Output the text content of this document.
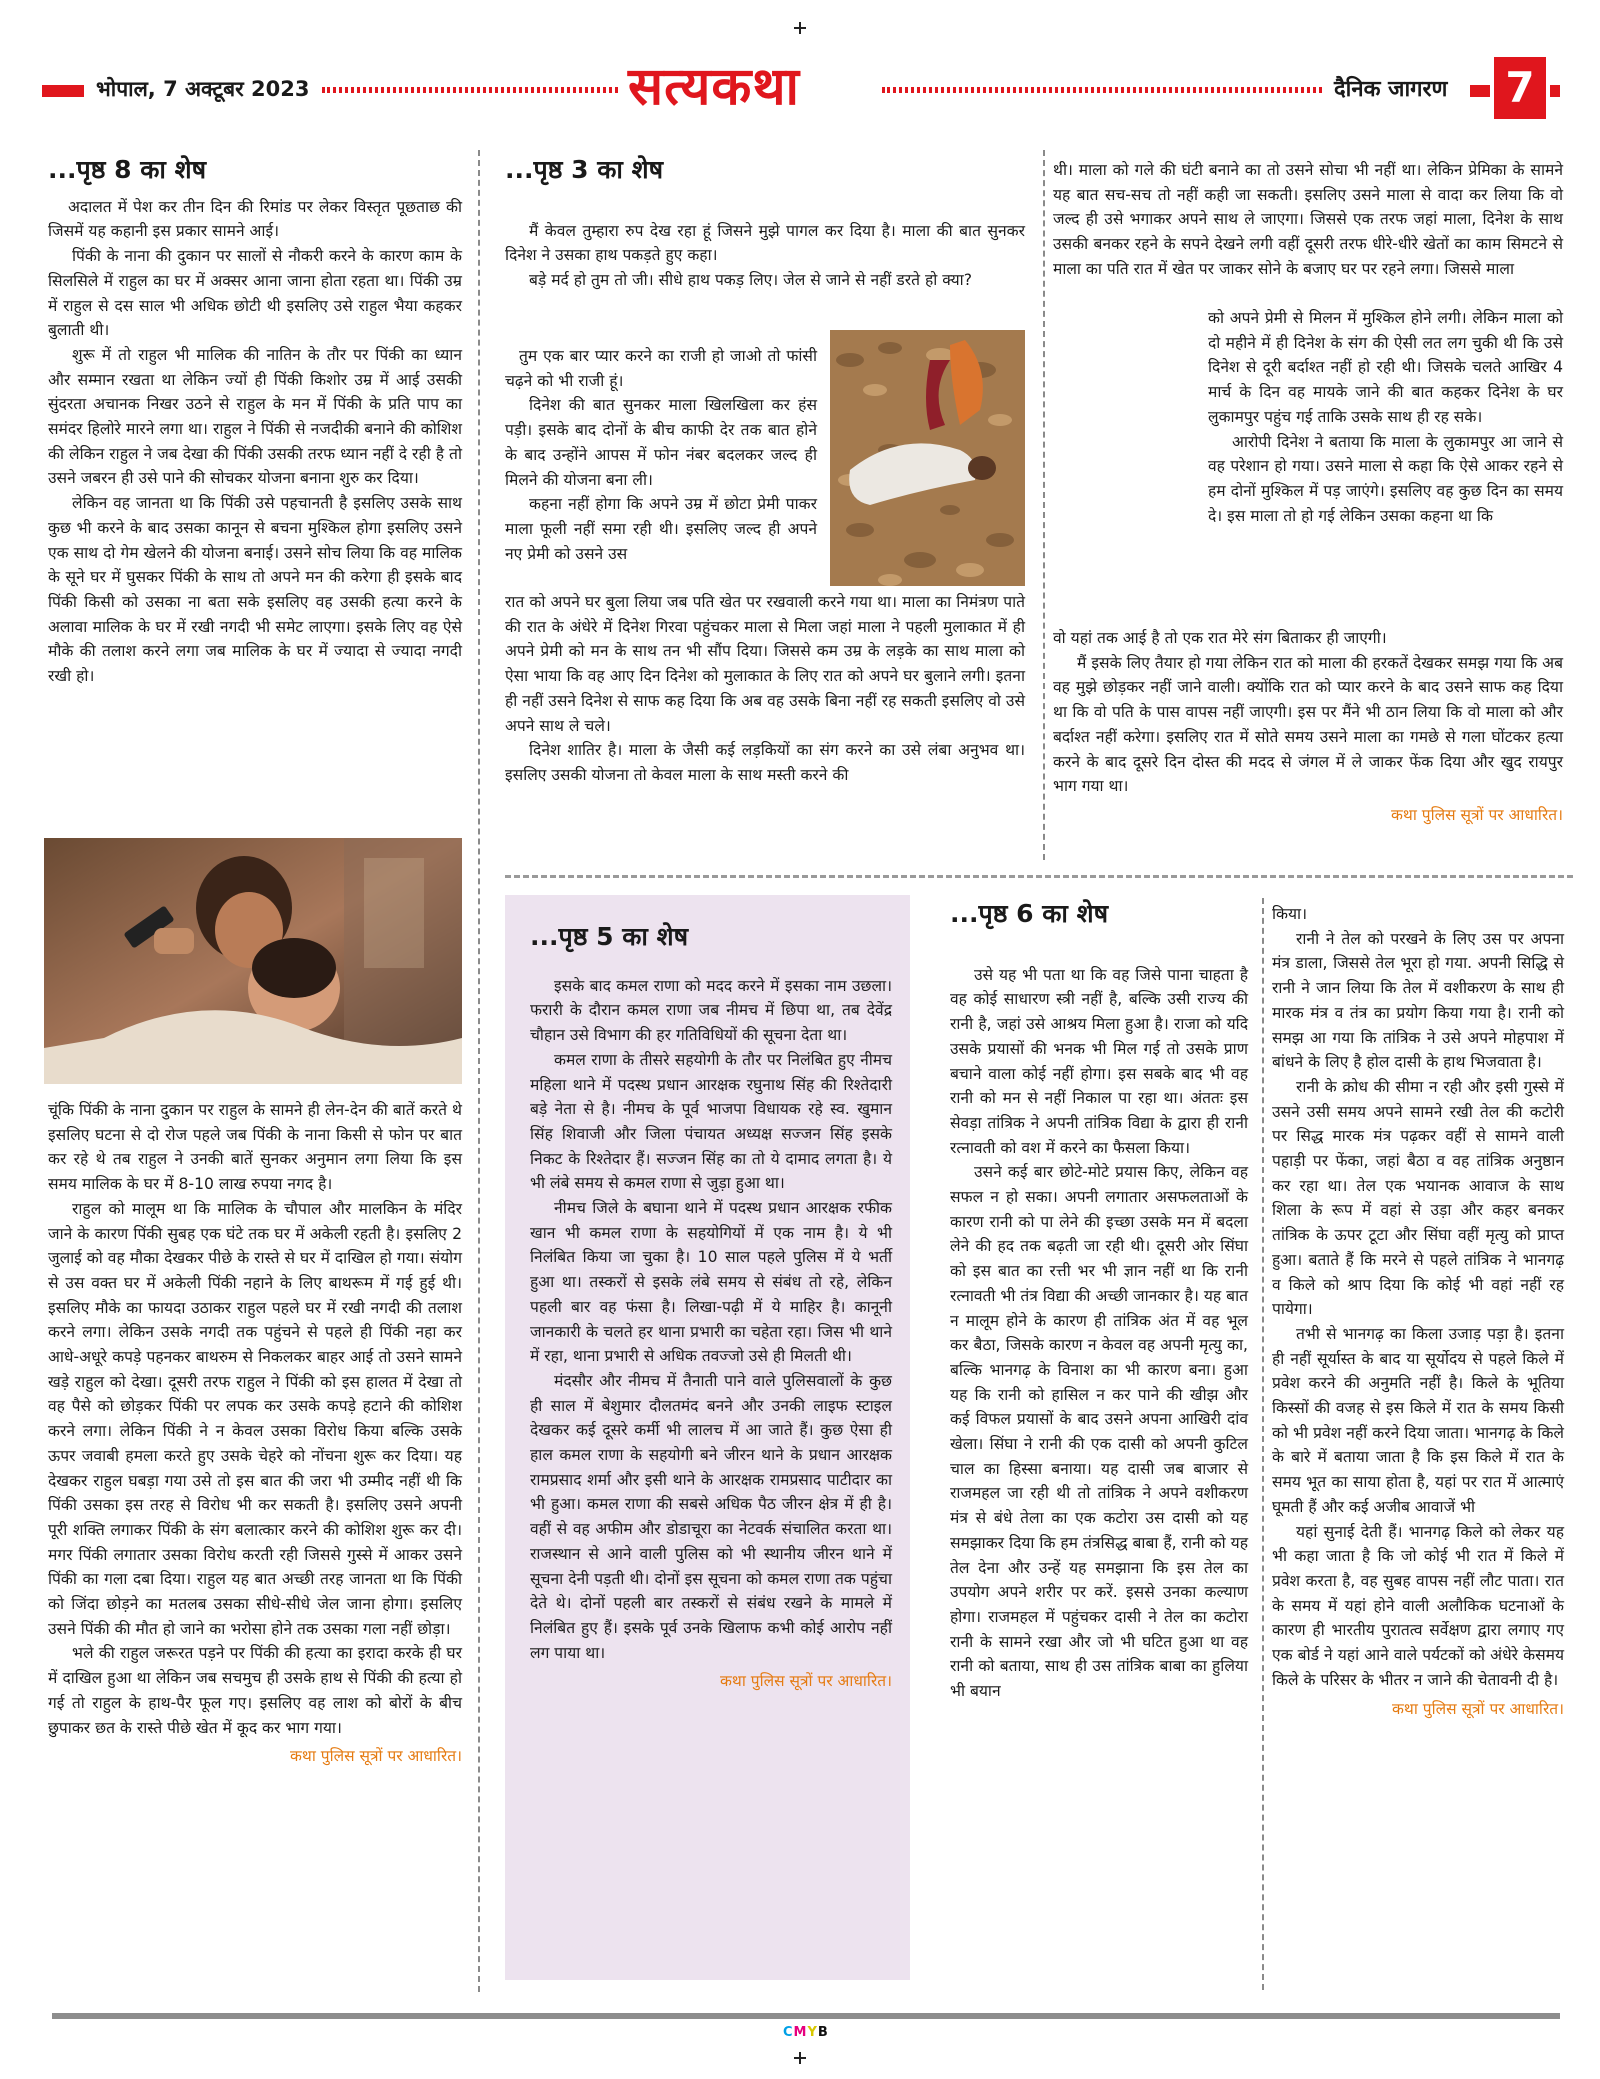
भोपाल, 7 अक्टूबर 2023	सत्यकथा	दैनिक जागरण 7
...पृष्ठ 8 का शेष

अदालत में पेश कर तीन दिन की रिमांड पर लेकर विस्तृत पूछताछ की जिसमें यह कहानी इस प्रकार सामने आई।

पिंकी के नाना की दुकान पर सालों से नौकरी करने के कारण काम के सिलसिले में राहुल का घर में अक्सर आना जाना होता रहता था। पिंकी उम्र में राहुल से दस साल भी अधिक छोटी थी इसलिए उसे राहुल भैया कहकर बुलाती थी।

शुरू में तो राहुल भी मालिक की नातिन के तौर पर पिंकी का ध्यान और सम्मान रखता था लेकिन ज्यों ही पिंकी किशोर उम्र में आई उसकी सुंदरता अचानक निखर उठने से राहुल के मन में पिंकी के प्रति पाप का समंदर हिलोरे मारने लगा था। राहुल ने पिंकी से नजदीकी बनाने की कोशिश की लेकिन राहुल ने जब देखा की पिंकी उसकी तरफ ध्यान नहीं दे रही है तो उसने जबरन ही उसे पाने की सोचकर योजना बनाना शुरु कर दिया।

लेकिन वह जानता था कि पिंकी उसे पहचानती है इसलिए उसके साथ कुछ भी करने के बाद उसका कानून से बचना मुश्किल होगा इसलिए उसने एक साथ दो गेम खेलने की योजना बनाई। उसने सोच लिया कि वह मालिक के सूने घर में घुसकर पिंकी के साथ तो अपने मन की करेगा ही इसके बाद पिंकी किसी को उसका ना बता सके इसलिए वह उसकी हत्या करने के अलावा मालिक के घर में रखी नगदी भी समेट लाएगा। इसके लिए वह ऐसे मौके की तलाश करने लगा जब मालिक के घर में ज्यादा से ज्यादा नगदी रखी हो।

चूंकि पिंकी के नाना दुकान पर राहुल के सामने ही लेन-देन की बातें करते थे इसलिए घटना से दो रोज पहले जब पिंकी के नाना किसी से फोन पर बात कर रहे थे तब राहुल ने उनकी बातें सुनकर अनुमान लगा लिया कि इस समय मालिक के घर में 8-10 लाख रुपया नगद है।

राहुल को मालूम था कि मालिक के चौपाल और मालकिन के मंदिर जाने के कारण पिंकी सुबह एक घंटे तक घर में अकेली रहती है। इसलिए 2 जुलाई को वह मौका देखकर पीछे के रास्ते से घर में दाखिल हो गया। संयोग से उस वक्त घर में अकेली पिंकी नहाने के लिए बाथरूम में गई हुई थी। इसलिए मौके का फायदा उठाकर राहुल पहले घर में रखी नगदी की तलाश करने लगा। लेकिन उसके नगदी तक पहुंचने से पहले ही पिंकी नहा कर आधे-अधूरे कपड़े पहनकर बाथरुम से निकलकर बाहर आई तो उसने सामने खड़े राहुल को देखा। दूसरी तरफ राहुल ने पिंकी को इस हालत में देखा तो वह पैसे को छोड़कर पिंकी पर लपक कर उसके कपड़े हटाने की कोशिश करने लगा। लेकिन पिंकी ने न केवल उसका विरोध किया बल्कि उसके ऊपर जवाबी हमला करते हुए उसके चेहरे को नोंचना शुरू कर दिया। यह देखकर राहुल घबड़ा गया उसे तो इस बात की जरा भी उम्मीद नहीं थी कि पिंकी उसका इस तरह से विरोध भी कर सकती है। इसलिए उसने अपनी पूरी शक्ति लगाकर पिंकी के संग बलात्कार करने की कोशिश शुरू कर दी। मगर पिंकी लगातार उसका विरोध करती रही जिससे गुस्से में आकर उसने पिंकी का गला दबा दिया। राहुल यह बात अच्छी तरह जानता था कि पिंकी को जिंदा छोड़ने का मतलब उसका सीधे-सीधे जेल जाना होगा। इसलिए उसने पिंकी की मौत हो जाने का भरोसा होने तक उसका गला नहीं छोड़ा।

भले की राहुल जरूरत पड़ने पर पिंकी की हत्या का इरादा करके ही घर में दाखिल हुआ था लेकिन जब सचमुच ही उसके हाथ से पिंकी की हत्या हो गई तो राहुल के हाथ-पैर फूल गए। इसलिए वह लाश को बोरों के बीच छुपाकर छत के रास्ते पीछे खेत में कूद कर भाग गया।

कथा पुलिस सूत्रों पर आधारित।

...पृष्ठ 3 का शेष

मैं केवल तुम्हारा रुप देख रहा हूं जिसने मुझे पागल कर दिया है। माला की बात सुनकर दिनेश ने उसका हाथ पकड़ते हुए कहा।

बड़े मर्द हो तुम तो जी। सीधे हाथ पकड़ लिए। जेल से जाने से नहीं डरते हो क्या?

तुम एक बार प्यार करने का राजी हो जाओ तो फांसी चढ़ने को भी राजी हूं।

दिनेश की बात सुनकर माला खिलखिला कर हंस पड़ी। इसके बाद दोनों के बीच काफी देर तक बात होने के बाद उन्होंने आपस में फोन नंबर बदलकर जल्द ही मिलने की योजना बना ली।

कहना नहीं होगा कि अपने उम्र में छोटा प्रेमी पाकर माला फूली नहीं समा रही थी। इसलिए जल्द ही अपने नए प्रेमी को उसने उस

रात को अपने घर बुला लिया जब पति खेत पर रखवाली करने गया था। माला का निमंत्रण पाते की रात के अंधेरे में दिनेश गिरवा पहुंचकर माला से मिला जहां माला ने पहली मुलाकात में ही अपने प्रेमी को मन के साथ तन भी सौंप दिया। जिससे कम उम्र के लड़के का साथ माला को ऐसा भाया कि वह आए दिन दिनेश को मुलाकात के लिए रात को अपने घर बुलाने लगी। इतना ही नहीं उसने दिनेश से साफ कह दिया कि अब वह उसके बिना नहीं रह सकती इसलिए वो उसे अपने साथ ले चले।

दिनेश शातिर है। माला के जैसी कई लड़कियों का संग करने का उसे लंबा अनुभव था। इसलिए उसकी योजना तो केवल माला के साथ मस्ती करने की

थी। माला को गले की घंटी बनाने का तो उसने सोचा भी नहीं था। लेकिन प्रेमिका के सामने यह बात सच-सच तो नहीं कही जा सकती। इसलिए उसने माला से वादा कर लिया कि वो जल्द ही उसे भगाकर अपने साथ ले जाएगा। जिससे एक तरफ जहां माला, दिनेश के साथ उसकी बनकर रहने के सपने देखने लगी वहीं दूसरी तरफ धीरे-धीरे खेतों का काम सिमटने से माला का पति रात में खेत पर जाकर सोने के बजाए घर पर रहने लगा। जिससे माला

को अपने प्रेमी से मिलन में मुश्किल होने लगी। लेकिन माला को दो महीने में ही दिनेश के संग की ऐसी लत लग चुकी थी कि उसे दिनेश से दूरी बर्दाश्त नहीं हो रही थी। जिसके चलते आखिर 4 मार्च के दिन वह मायके जाने की बात कहकर दिनेश के घर लुकामपुर पहुंच गई ताकि उसके साथ ही रह सके।

आरोपी दिनेश ने बताया कि माला के लुकामपुर आ जाने से वह परेशान हो गया। उसने माला से कहा कि ऐसे आकर रहने से हम दोनों मुश्किल में पड़ जाएंगे। इसलिए वह कुछ दिन का समय दे। इस माला तो हो गई लेकिन उसका कहना था कि

वो यहां तक आई है तो एक रात मेरे संग बिताकर ही जाएगी।

मैं इसके लिए तैयार हो गया लेकिन रात को माला की हरकतें देखकर समझ गया कि अब वह मुझे छोड़कर नहीं जाने वाली। क्योंकि रात को प्यार करने के बाद उसने साफ कह दिया था कि वो पति के पास वापस नहीं जाएगी। इस पर मैंने भी ठान लिया कि वो माला को और बर्दाश्त नहीं करेगा। इसलिए रात में सोते समय उसने माला का गमछे से गला घोंटकर हत्या करने के बाद दूसरे दिन दोस्त की मदद से जंगल में ले जाकर फेंक दिया और खुद रायपुर भाग गया था।

कथा पुलिस सूत्रों पर आधारित।

...पृष्ठ 5 का शेष

इसके बाद कमल राणा को मदद करने में इसका नाम उछला। फरारी के दौरान कमल राणा जब नीमच में छिपा था, तब देवेंद्र चौहान उसे विभाग की हर गतिविधियों की सूचना देता था।

कमल राणा के तीसरे सहयोगी के तौर पर निलंबित हुए नीमच महिला थाने में पदस्थ प्रधान आरक्षक रघुनाथ सिंह की रिश्तेदारी बड़े नेता से है। नीमच के पूर्व भाजपा विधायक रहे स्व. खुमान सिंह शिवाजी और जिला पंचायत अध्यक्ष सज्जन सिंह इसके निकट के रिश्तेदार हैं। सज्जन सिंह का तो ये दामाद लगता है। ये भी लंबे समय से कमल राणा से जुड़ा हुआ था।

नीमच जिले के बघाना थाने में पदस्थ प्रधान आरक्षक रफीक खान भी कमल राणा के सहयोगियों में एक नाम है। ये भी निलंबित किया जा चुका है। 10 साल पहले पुलिस में ये भर्ती हुआ था। तस्करों से इसके लंबे समय से संबंध तो रहे, लेकिन पहली बार वह फंसा है। लिखा-पढ़ी में ये माहिर है। कानूनी जानकारी के चलते हर थाना प्रभारी का चहेता रहा। जिस भी थाने में रहा, थाना प्रभारी से अधिक तवज्जो उसे ही मिलती थी।

मंदसौर और नीमच में तैनाती पाने वाले पुलिसवालों के कुछ ही साल में बेशुमार दौलतमंद बनने और उनकी लाइफ स्टाइल देखकर कई दूसरे कर्मी भी लालच में आ जाते हैं। कुछ ऐसा ही हाल कमल राणा के सहयोगी बने जीरन थाने के प्रधान आरक्षक रामप्रसाद शर्मा और इसी थाने के आरक्षक रामप्रसाद पाटीदार का भी हुआ। कमल राणा की सबसे अधिक पैठ जीरन क्षेत्र में ही है। वहीं से वह अफीम और डोडाचूरा का नेटवर्क संचालित करता था। राजस्थान से आने वाली पुलिस को भी स्थानीय जीरन थाने में सूचना देनी पड़ती थी। दोनों इस सूचना को कमल राणा तक पहुंचा देते थे। दोनों पहली बार तस्करों से संबंध रखने के मामले में निलंबित हुए हैं। इसके पूर्व उनके खिलाफ कभी कोई आरोप नहीं लग पाया था।

कथा पुलिस सूत्रों पर आधारित।

...पृष्ठ 6 का शेष

उसे यह भी पता था कि वह जिसे पाना चाहता है वह कोई साधारण स्त्री नहीं है, बल्कि उसी राज्य की रानी है, जहां उसे आश्रय मिला हुआ है। राजा को यदि उसके प्रयासों की भनक भी मिल गई तो उसके प्राण बचाने वाला कोई नहीं होगा। इस सबके बाद भी वह रानी को मन से नहीं निकाल पा रहा था। अंततः इस सेवड़ा तांत्रिक ने अपनी तांत्रिक विद्या के द्वारा ही रानी रत्नावती को वश में करने का फैसला किया।

उसने कई बार छोटे-मोटे प्रयास किए, लेकिन वह सफल न हो सका। अपनी लगातार असफलताओं के कारण रानी को पा लेने की इच्छा उसके मन में बदला लेने की हद तक बढ़ती जा रही थी। दूसरी ओर सिंघा को इस बात का रत्ती भर भी ज्ञान नहीं था कि रानी रत्नावती भी तंत्र विद्या की अच्छी जानकार है। यह बात न मालूम होने के कारण ही तांत्रिक अंत में वह भूल कर बैठा, जिसके कारण न केवल वह अपनी मृत्यु का, बल्कि भानगढ़ के विनाश का भी कारण बना। हुआ यह कि रानी को हासिल न कर पाने की खीझ और कई विफल प्रयासों के बाद उसने अपना आखिरी दांव खेला। सिंघा ने रानी की एक दासी को अपनी कुटिल चाल का हिस्सा बनाया। यह दासी जब बाजार से राजमहल जा रही थी तो तांत्रिक ने अपने वशीकरण मंत्र से बंधे तेला का एक कटोरा उस दासी को यह समझाकर दिया कि हम तंत्रसिद्ध बाबा हैं, रानी को यह तेल देना और उन्हें यह समझाना कि इस तेल का उपयोग अपने शरीर पर करें. इससे उनका कल्याण होगा। राजमहल में पहुंचकर दासी ने तेल का कटोरा रानी के सामने रखा और जो भी घटित हुआ था वह रानी को बताया, साथ ही उस तांत्रिक बाबा का हुलिया भी बयान

किया।

रानी ने तेल को परखने के लिए उस पर अपना मंत्र डाला, जिससे तेल भूरा हो गया. अपनी सिद्धि से रानी ने जान लिया कि तेल में वशीकरण के साथ ही मारक मंत्र व तंत्र का प्रयोग किया गया है। रानी को समझ आ गया कि तांत्रिक ने उसे अपने मोहपाश में बांधने के लिए है होल दासी के हाथ भिजवाता है।

रानी के क्रोध की सीमा न रही और इसी गुस्से में उसने उसी समय अपने सामने रखी तेल की कटोरी पर सिद्ध मारक मंत्र पढ़कर वहीं से सामने वाली पहाड़ी पर फेंका, जहां बैठा व वह तांत्रिक अनुष्ठान कर रहा था। तेल एक भयानक आवाज के साथ शिला के रूप में वहां से उड़ा और कहर बनकर तांत्रिक के ऊपर टूटा और सिंघा वहीं मृत्यु को प्राप्त हुआ। बताते हैं कि मरने से पहले तांत्रिक ने भानगढ़ व किले को श्राप दिया कि कोई भी वहां नहीं रह पायेगा।

तभी से भानगढ़ का किला उजाड़ पड़ा है। इतना ही नहीं सूर्यास्त के बाद या सूर्योदय से पहले किले में प्रवेश करने की अनुमति नहीं है। किले के भूतिया किस्सों की वजह से इस किले में रात के समय किसी को भी प्रवेश नहीं करने दिया जाता। भानगढ़ के किले के बारे में बताया जाता है कि इस किले में रात के समय भूत का साया होता है, यहां पर रात में आत्माएं घूमती हैं और कई अजीब आवाजें भी

यहां सुनाई देती हैं। भानगढ़ किले को लेकर यह भी कहा जाता है कि जो कोई भी रात में किले में प्रवेश करता है, वह सुबह वापस नहीं लौट पाता। रात के समय में यहां होने वाली अलौकिक घटनाओं के कारण ही भारतीय पुरातत्व सर्वेक्षण द्वारा लगाए गए एक बोर्ड ने यहां आने वाले पर्यटकों को अंधेरे केसमय किले के परिसर के भीतर न जाने की चेतावनी दी है।

कथा पुलिस सूत्रों पर आधारित।

CMYB
